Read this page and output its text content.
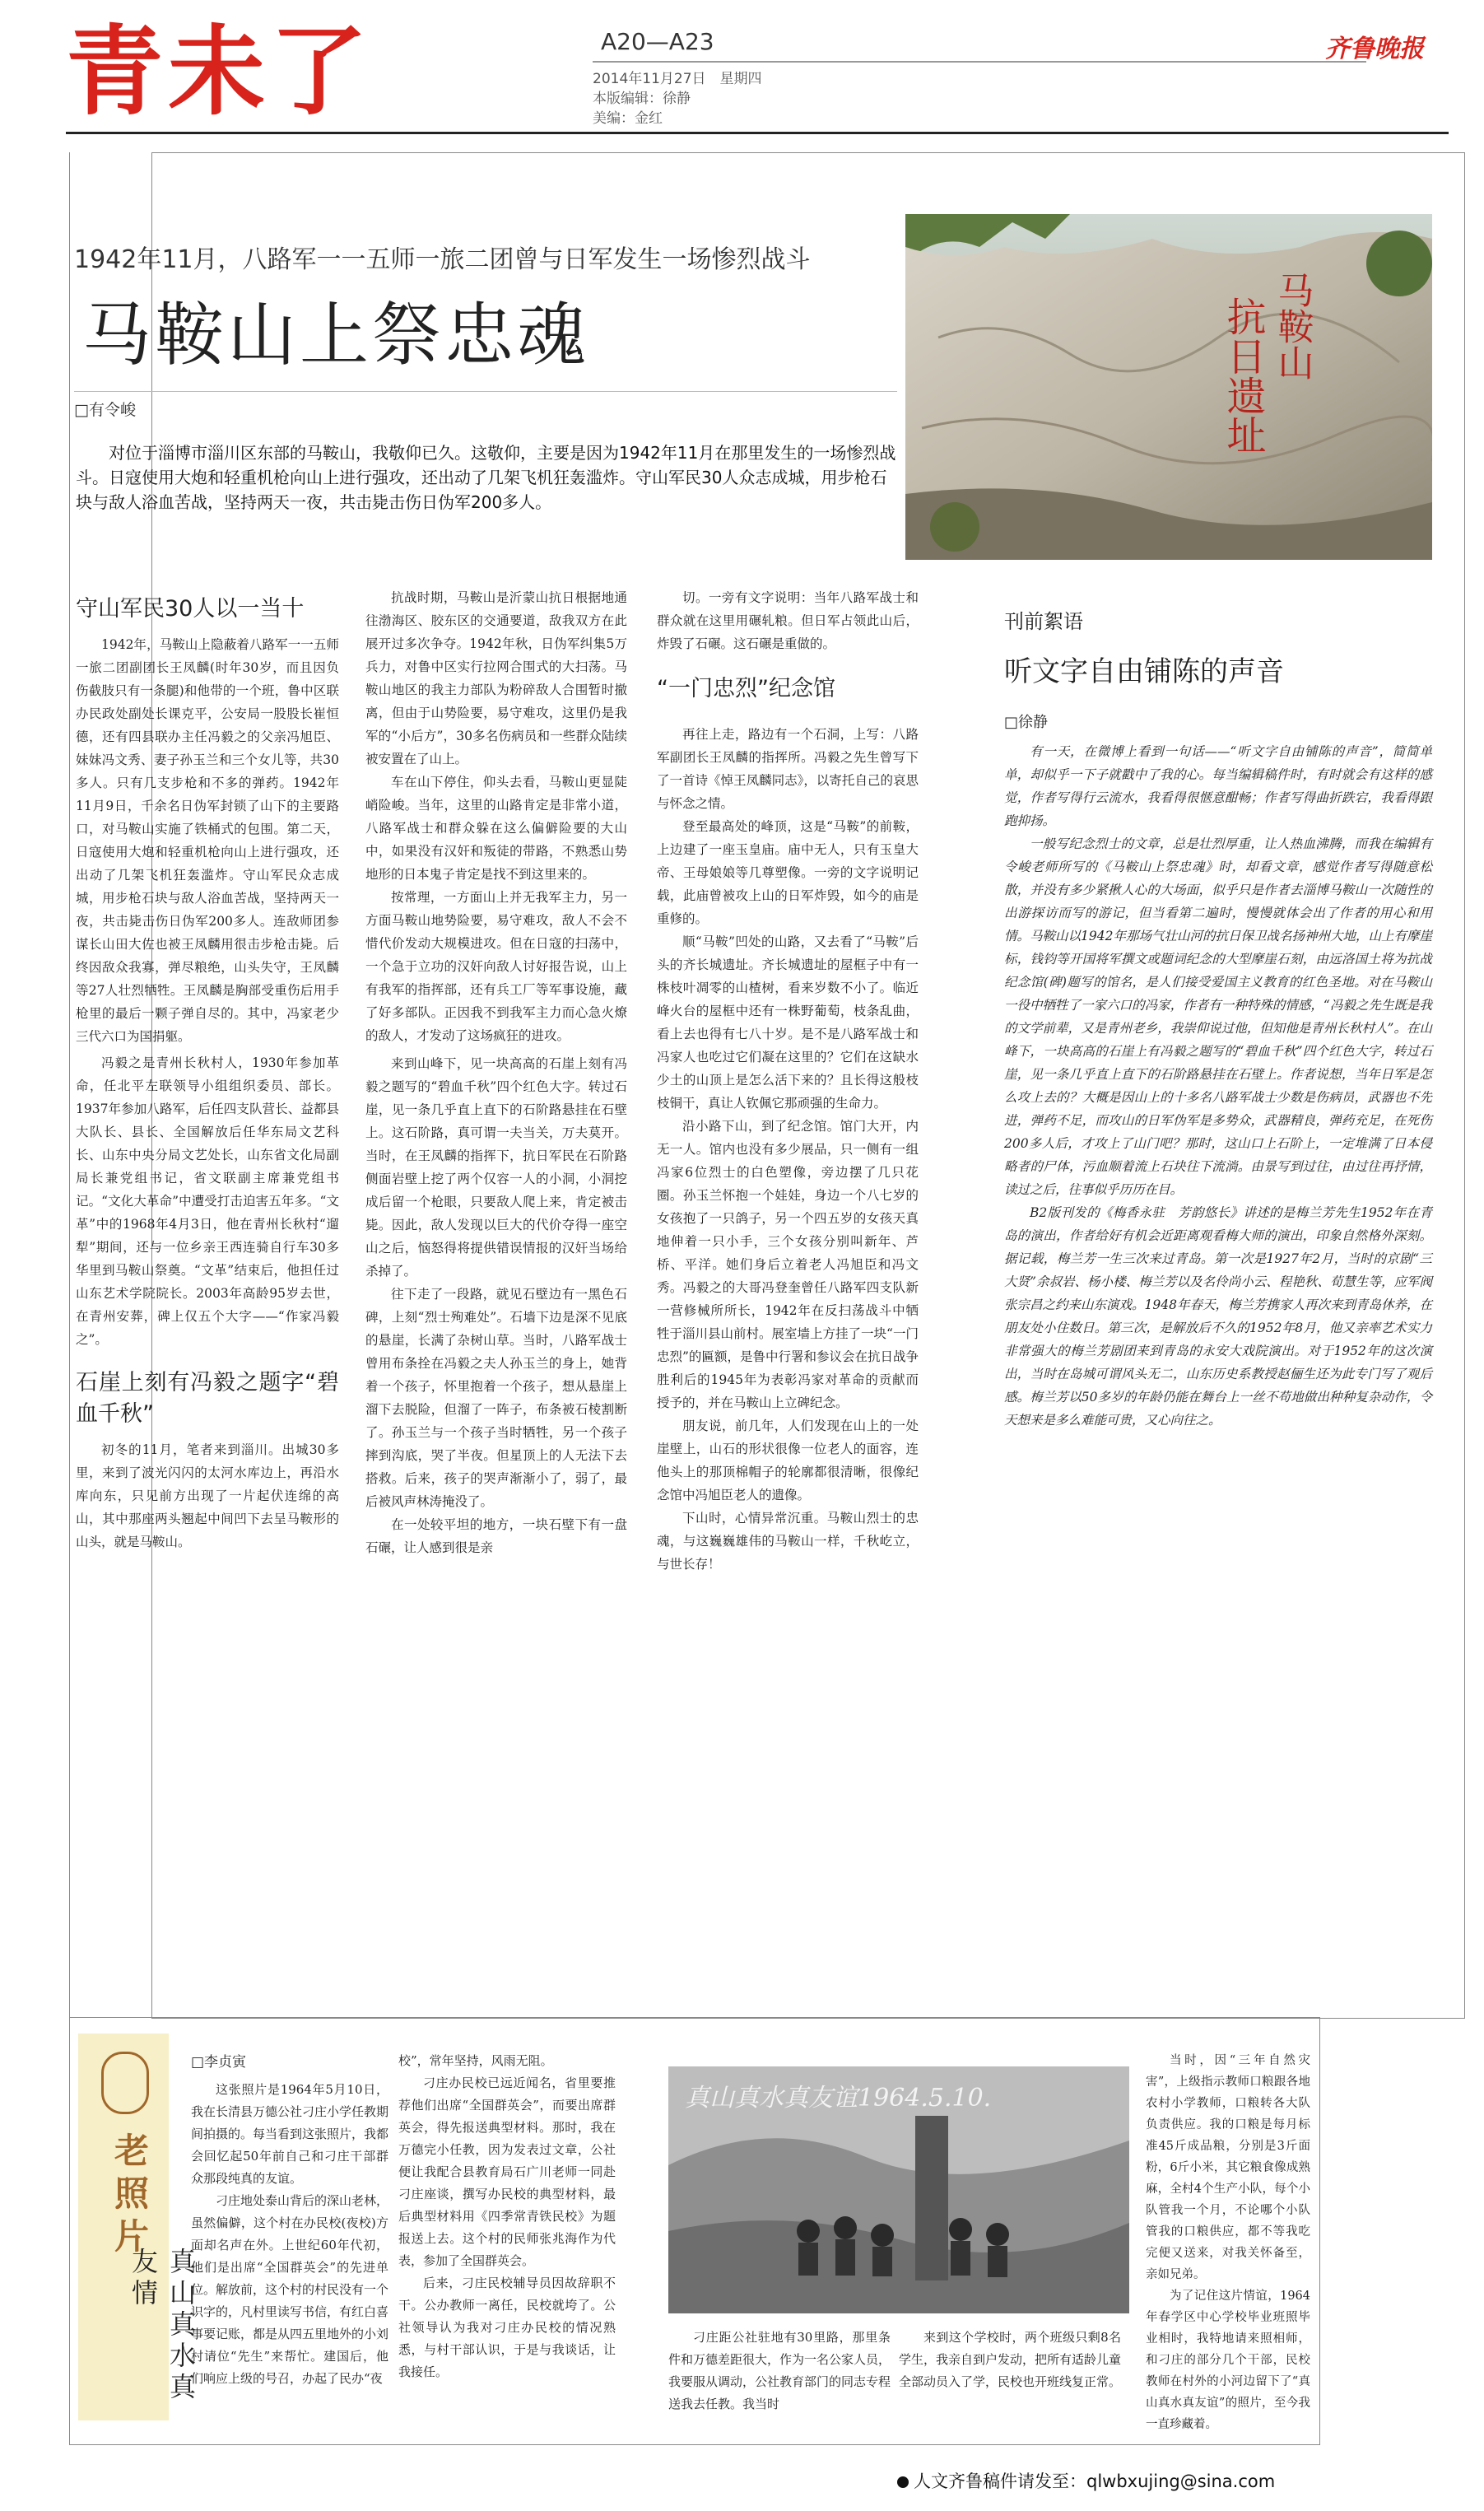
青未了	A20—A23
2014年11月27日　星期四
本版编辑：徐静
美编：金红
齐鲁晚报
1942年11月，八路军一一五师一旅二团曾与日军发生一场惨烈战斗
马鞍山上祭忠魂
□有令峻
对位于淄博市淄川区东部的马鞍山，我敬仰已久。这敬仰，主要是因为1942年11月在那里发生的一场惨烈战斗。日寇使用大炮和轻重机枪向山上进行强攻，还出动了几架飞机狂轰滥炸。守山军民30人众志成城，用步枪石块与敌人浴血苦战，坚持两天一夜，共击毙击伤日伪军200多人。
马鞍山
抗日遗址
守山军民30人以一当十

1942年，马鞍山上隐蔽着八路军一一五师一旅二团副团长王凤麟(时年30岁，而且因负伤截肢只有一条腿)和他带的一个班，鲁中区联办民政处副处长课克平，公安局一股股长崔恒德，还有四县联办主任冯毅之的父亲冯旭臣、妹妹冯文秀、妻子孙玉兰和三个女儿等，共30多人。只有几支步枪和不多的弹药。1942年11月9日，千余名日伪军封锁了山下的主要路口，对马鞍山实施了铁桶式的包围。第二天，日寇使用大炮和轻重机枪向山上进行强攻，还出动了几架飞机狂轰滥炸。守山军民众志成城，用步枪石块与敌人浴血苦战，坚持两天一夜，共击毙击伤日伪军200多人。连敌师团参谋长山田大佐也被王凤麟用很击步枪击毙。后终因敌众我寡，弹尽粮绝，山头失守，王凤麟等27人壮烈牺牲。王凤麟是胸部受重伤后用手枪里的最后一颗子弹自尽的。其中，冯家老少三代六口为国捐躯。

冯毅之是青州长秋村人，1930年参加革命，任北平左联领导小组组织委员、部长。1937年参加八路军，后任四支队营长、益都县大队长、县长、全国解放后任华东局文艺科长、山东中央分局文艺处长，山东省文化局副局长兼党组书记，省文联副主席兼党组书记。“文化大革命”中遭受打击迫害五年多。“文革”中的1968年4月3日，他在青州长秋村“遛犁”期间，还与一位乡亲王西连骑自行车30多华里到马鞍山祭奠。“文革”结束后，他担任过山东艺术学院院长。2003年高龄95岁去世，在青州安葬，碑上仅五个大字——“作家冯毅之”。

石崖上刻有冯毅之题字“碧血千秋”

初冬的11月，笔者来到淄川。出城30多里，来到了波光闪闪的太河水库边上，再沿水库向东，只见前方出现了一片起伏连绵的高山，其中那座两头翘起中间凹下去呈马鞍形的山头，就是马鞍山。

抗战时期，马鞍山是沂蒙山抗日根据地通往渤海区、胶东区的交通要道，敌我双方在此展开过多次争夺。1942年秋，日伪军纠集5万兵力，对鲁中区实行拉网合围式的大扫荡。马鞍山地区的我主力部队为粉碎敌人合围暂时撤离，但由于山势险要，易守难攻，这里仍是我军的“小后方”，30多名伤病员和一些群众陆续被安置在了山上。

车在山下停住，仰头去看，马鞍山更显陡峭险峻。当年，这里的山路肯定是非常小道，八路军战士和群众躲在这么偏僻险要的大山中，如果没有汉奸和叛徒的带路，不熟悉山势地形的日本鬼子肯定是找不到这里来的。

按常理，一方面山上并无我军主力，另一方面马鞍山地势险要，易守难攻，敌人不会不惜代价发动大规模进攻。但在日寇的扫荡中，一个急于立功的汉奸向敌人讨好报告说，山上有我军的指挥部，还有兵工厂等军事设施，藏了好多部队。正因我不到我军主力而心急火燎的敌人，才发动了这场疯狂的进攻。

来到山峰下，见一块高高的石崖上刻有冯毅之题写的“碧血千秋”四个红色大字。转过石崖，见一条几乎直上直下的石阶路悬挂在石壁上。这石阶路，真可谓一夫当关，万夫莫开。当时，在王凤麟的指挥下，抗日军民在石阶路侧面岩壁上挖了两个仅容一人的小洞，小洞挖成后留一个枪眼，只要敌人爬上来，肯定被击毙。因此，敌人发现以巨大的代价夺得一座空山之后，恼怒得将提供错误情报的汉奸当场给杀掉了。

往下走了一段路，就见石壁边有一黑色石碑，上刻“烈士殉难处”。石墙下边是深不见底的悬崖，长满了杂树山草。当时，八路军战士曾用布条拴在冯毅之夫人孙玉兰的身上，她背着一个孩子，怀里抱着一个孩子，想从悬崖上溜下去脱险，但溜了一阵子，布条被石棱割断了。孙玉兰与一个孩子当时牺牲，另一个孩子摔到沟底，哭了半夜。但星顶上的人无法下去搭救。后来，孩子的哭声渐渐小了，弱了，最后被风声林涛掩没了。

在一处较平坦的地方，一块石壁下有一盘石碾，让人感到很是亲

切。一旁有文字说明：当年八路军战士和群众就在这里用碾轧粮。但日军占领此山后，炸毁了石碾。这石碾是重做的。

“一门忠烈”纪念馆

再往上走，路边有一个石洞，上写：八路军副团长王凤麟的指挥所。冯毅之先生曾写下了一首诗《悼王凤麟同志》，以寄托自己的哀思与怀念之情。

登至最高处的峰顶，这是“马鞍”的前鞍，上边建了一座玉皇庙。庙中无人，只有玉皇大帝、王母娘娘等几尊塑像。一旁的文字说明记载，此庙曾被攻上山的日军炸毁，如今的庙是重修的。

顺“马鞍”凹处的山路，又去看了“马鞍”后头的齐长城遗址。齐长城遗址的屋框子中有一株枝叶凋零的山楂树，看来岁数不小了。临近峰火台的屋框中还有一株野葡萄，枝条乱曲，看上去也得有七八十岁。是不是八路军战士和冯家人也吃过它们凝在这里的？它们在这缺水少土的山顶上是怎么活下来的？且长得这般枝枝铜干，真让人钦佩它那顽强的生命力。

沿小路下山，到了纪念馆。馆门大开，内无一人。馆内也没有多少展品，只一侧有一组冯家6位烈士的白色塑像，旁边摆了几只花圈。孙玉兰怀抱一个娃娃，身边一个八七岁的女孩抱了一只鸽子，另一个四五岁的女孩天真地伸着一只小手，三个女孩分别叫新年、芦桥、平洋。她们身后立着老人冯旭臣和冯文秀。冯毅之的大哥冯登奎曾任八路军四支队新一营修械所所长，1942年在反扫荡战斗中牺牲于淄川县山前村。展室墙上方挂了一块“一门忠烈”的匾额，是鲁中行署和参议会在抗日战争胜利后的1945年为表彰冯家对革命的贡献而授予的，并在马鞍山上立碑纪念。

朋友说，前几年，人们发现在山上的一处崖壁上，山石的形状很像一位老人的面容，连他头上的那顶棉帽子的轮廓都很清晰，很像纪念馆中冯旭臣老人的遗像。

下山时，心情异常沉重。马鞍山烈士的忠魂，与这巍巍雄伟的马鞍山一样，千秋屹立，与世长存！

刊前絮语
听文字自由铺陈的声音
□徐静

有一天，在微博上看到一句话——“听文字自由铺陈的声音”，简简单单，却似乎一下子就戳中了我的心。每当编辑稿件时，有时就会有这样的感觉，作者写得行云流水，我看得很惬意酣畅；作者写得曲折跌宕，我看得跟跑抑扬。

一般写纪念烈士的文章，总是壮烈厚重，让人热血沸腾，而我在编辑有令峻老师所写的《马鞍山上祭忠魂》时，却看文章，感觉作者写得随意松散，并没有多少紧揪人心的大场面，似乎只是作者去淄博马鞍山一次随性的出游探访而写的游记，但当看第二遍时，慢慢就体会出了作者的用心和用情。马鞍山以1942年那场气壮山河的抗日保卫战名扬神州大地，山上有摩崖标，钱钧等开国将军撰文或题词纪念的大型摩崖石刻，由远洛国土将为抗战纪念馆(碑)题写的馆名，是人们接受爱国主义教育的红色圣地。对在马鞍山一役中牺牲了一家六口的冯家，作者有一种特殊的情感，“冯毅之先生既是我的文学前辈，又是青州老乡，我崇仰说过他，但知他是青州长秋村人”。在山峰下，一块高高的石崖上有冯毅之题写的“碧血千秋”四个红色大字，转过石崖，见一条几乎直上直下的石阶路悬挂在石壁上。作者说想，当年日军是怎么攻上去的？大概是因山上的十多名八路军战士少数是伤病员，武器也不先进，弹药不足，而攻山的日军伪军是多势众，武器精良，弹药充足，在死伤200多人后，才攻上了山门吧？那时，这山口上石阶上，一定堆满了日本侵略者的尸体，污血顺着流上石块往下流淌。由景写到过往，由过往再抒情，读过之后，往事似乎历历在目。

B2版刊发的《梅香永驻　芳韵悠长》讲述的是梅兰芳先生1952年在青岛的演出，作者给好有机会近距离观看梅大师的演出，印象自然格外深刻。据记载，梅兰芳一生三次来过青岛。第一次是1927年2月，当时的京剧“三大贤”余叔岩、杨小楼、梅兰芳以及名伶尚小云、程艳秋、荀慧生等，应军阀张宗昌之约来山东演戏。1948年春天，梅兰芳携家人再次来到青岛休养，在朋友处小住数日。第三次，是解放后不久的1952年8月，他又亲率艺术实力非常强大的梅兰芳剧团来到青岛的永安大戏院演出。对于1952年的这次演出，当时在岛城可谓风头无二，山东历史系教授赵俪生还为此专门写了观后感。梅兰芳以50多岁的年龄仍能在舞台上一丝不苟地做出种种复杂动作，令天想来是多么难能可贵，又心向往之。

老照片
真山真水真友情
□李贞寅

这张照片是1964年5月10日，我在长清县万德公社刁庄小学任教期间拍摄的。每当看到这张照片，我都会回忆起50年前自己和刁庄干部群众那段纯真的友谊。

刁庄地处泰山背后的深山老林，虽然偏僻，这个村在办民校(夜校)方面却名声在外。上世纪60年代初，他们是出席“全国群英会”的先进单位。解放前，这个村的村民没有一个识字的，凡村里读写书信，有红白喜事要记账，都是从四五里地外的小刘村请位“先生”来帮忙。建国后，他们响应上级的号召，办起了民办“夜

校”，常年坚持，风雨无阻。

刁庄办民校已远近闻名，省里要推荐他们出席“全国群英会”，而要出席群英会，得先报送典型材料。那时，我在万德完小任教，因为发表过文章，公社便让我配合县教育局石广川老师一同赴刁庄座谈，撰写办民校的典型材料，最后典型材料用《四季常青铁民校》为题报送上去。这个村的民师张兆海作为代表，参加了全国群英会。

后来，刁庄民校辅导员因故辞职不干。公办教师一离任，民校就垮了。公社领导认为我对刁庄办民校的情况熟悉，与村干部认识，于是与我谈话，让我接任。

真山真水真友谊1964.5.10.

刁庄距公社驻地有30里路，那里条件和万德差距很大，作为一名公家人员，我要服从调动，公社教育部门的同志专程送我去任教。我当时

来到这个学校时，两个班级只剩8名学生，我亲自到户发动，把所有适龄儿童全部动员入了学，民校也开班线复正常。

当时，因“三年自然灾害”，上级指示教师口粮跟各地农村小学教师，口粮转各大队负责供应。我的口粮是每月标准45斤成品粮，分别是3斤面粉，6斤小米，其它粮食像成熟麻，全村4个生产小队，每个小队管我一个月，不论哪个小队管我的口粮供应，都不等我吃完便又送来，对我关怀备至，亲如兄弟。

为了记住这片情谊，1964年春学区中心学校毕业班照毕业相时，我特地请来照相师，和刁庄的部分几个干部，民校教师在村外的小河边留下了“真山真水真友谊”的照片，至今我一直珍藏着。

人文齐鲁稿件请发至：qlwbxujing@sina.com
